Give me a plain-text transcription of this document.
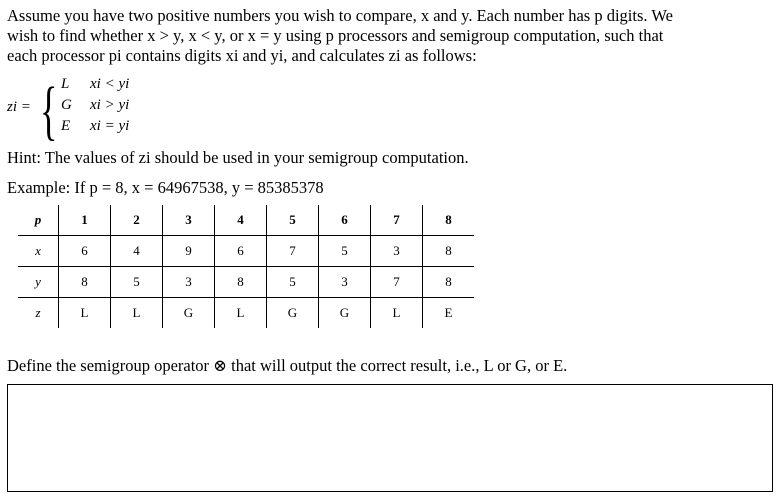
Assume you have two positive numbers you wish to compare, x and y. Each number has p digits. We
wish to find whether x > y, x < y, or x = y using p processors and semigroup computation, such that
each processor pi contains digits xi and yi, and calculates zi as follows:
zi = { L xi < yi
G xi > yi
E xi = yi
Hint: The values of zi should be used in your semigroup computation.
Example: If p = 8, x = 64967538, y = 85385378
p	1	2	3	4	5	6	7	8
x	6	4	9	6	7	5	3	8
y	8	5	3	8	5	3	7	8
z	L	L	G	L	G	G	L	E
Define the semigroup operator ⊗ that will output the correct result, i.e., L or G, or E.
